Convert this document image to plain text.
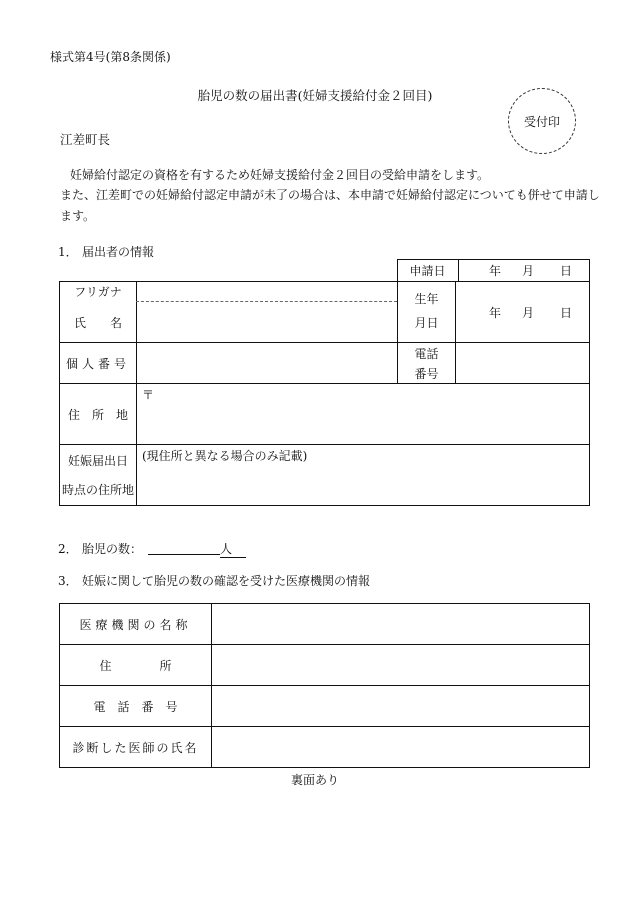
様式第4号(第8条関係)
胎児の数の届出書(妊婦支援給付金２回目)
受付印
江差町長
妊婦給付認定の資格を有するため妊婦支援給付金２回目の受給申請をします。
また、江差町での妊婦給付認定申請が未了の場合は、本申請で妊婦給付認定についても併せて申請し
ます。
1． 届出者の情報
申請日	年 月 日
フリガナ
氏　　名
生年
月日
年 月 日
個人番号
電話
番号
住　所　地
〒
妊娠届出日
時点の住所地
(現住所と異なる場合のみ記載)
2． 胎児の数：	人
3． 妊娠に関して胎児の数の確認を受けた医療機関の情報
医療機関の名称
住　　　　所
電　話　番　号
診断した医師の氏名
裏面あり
